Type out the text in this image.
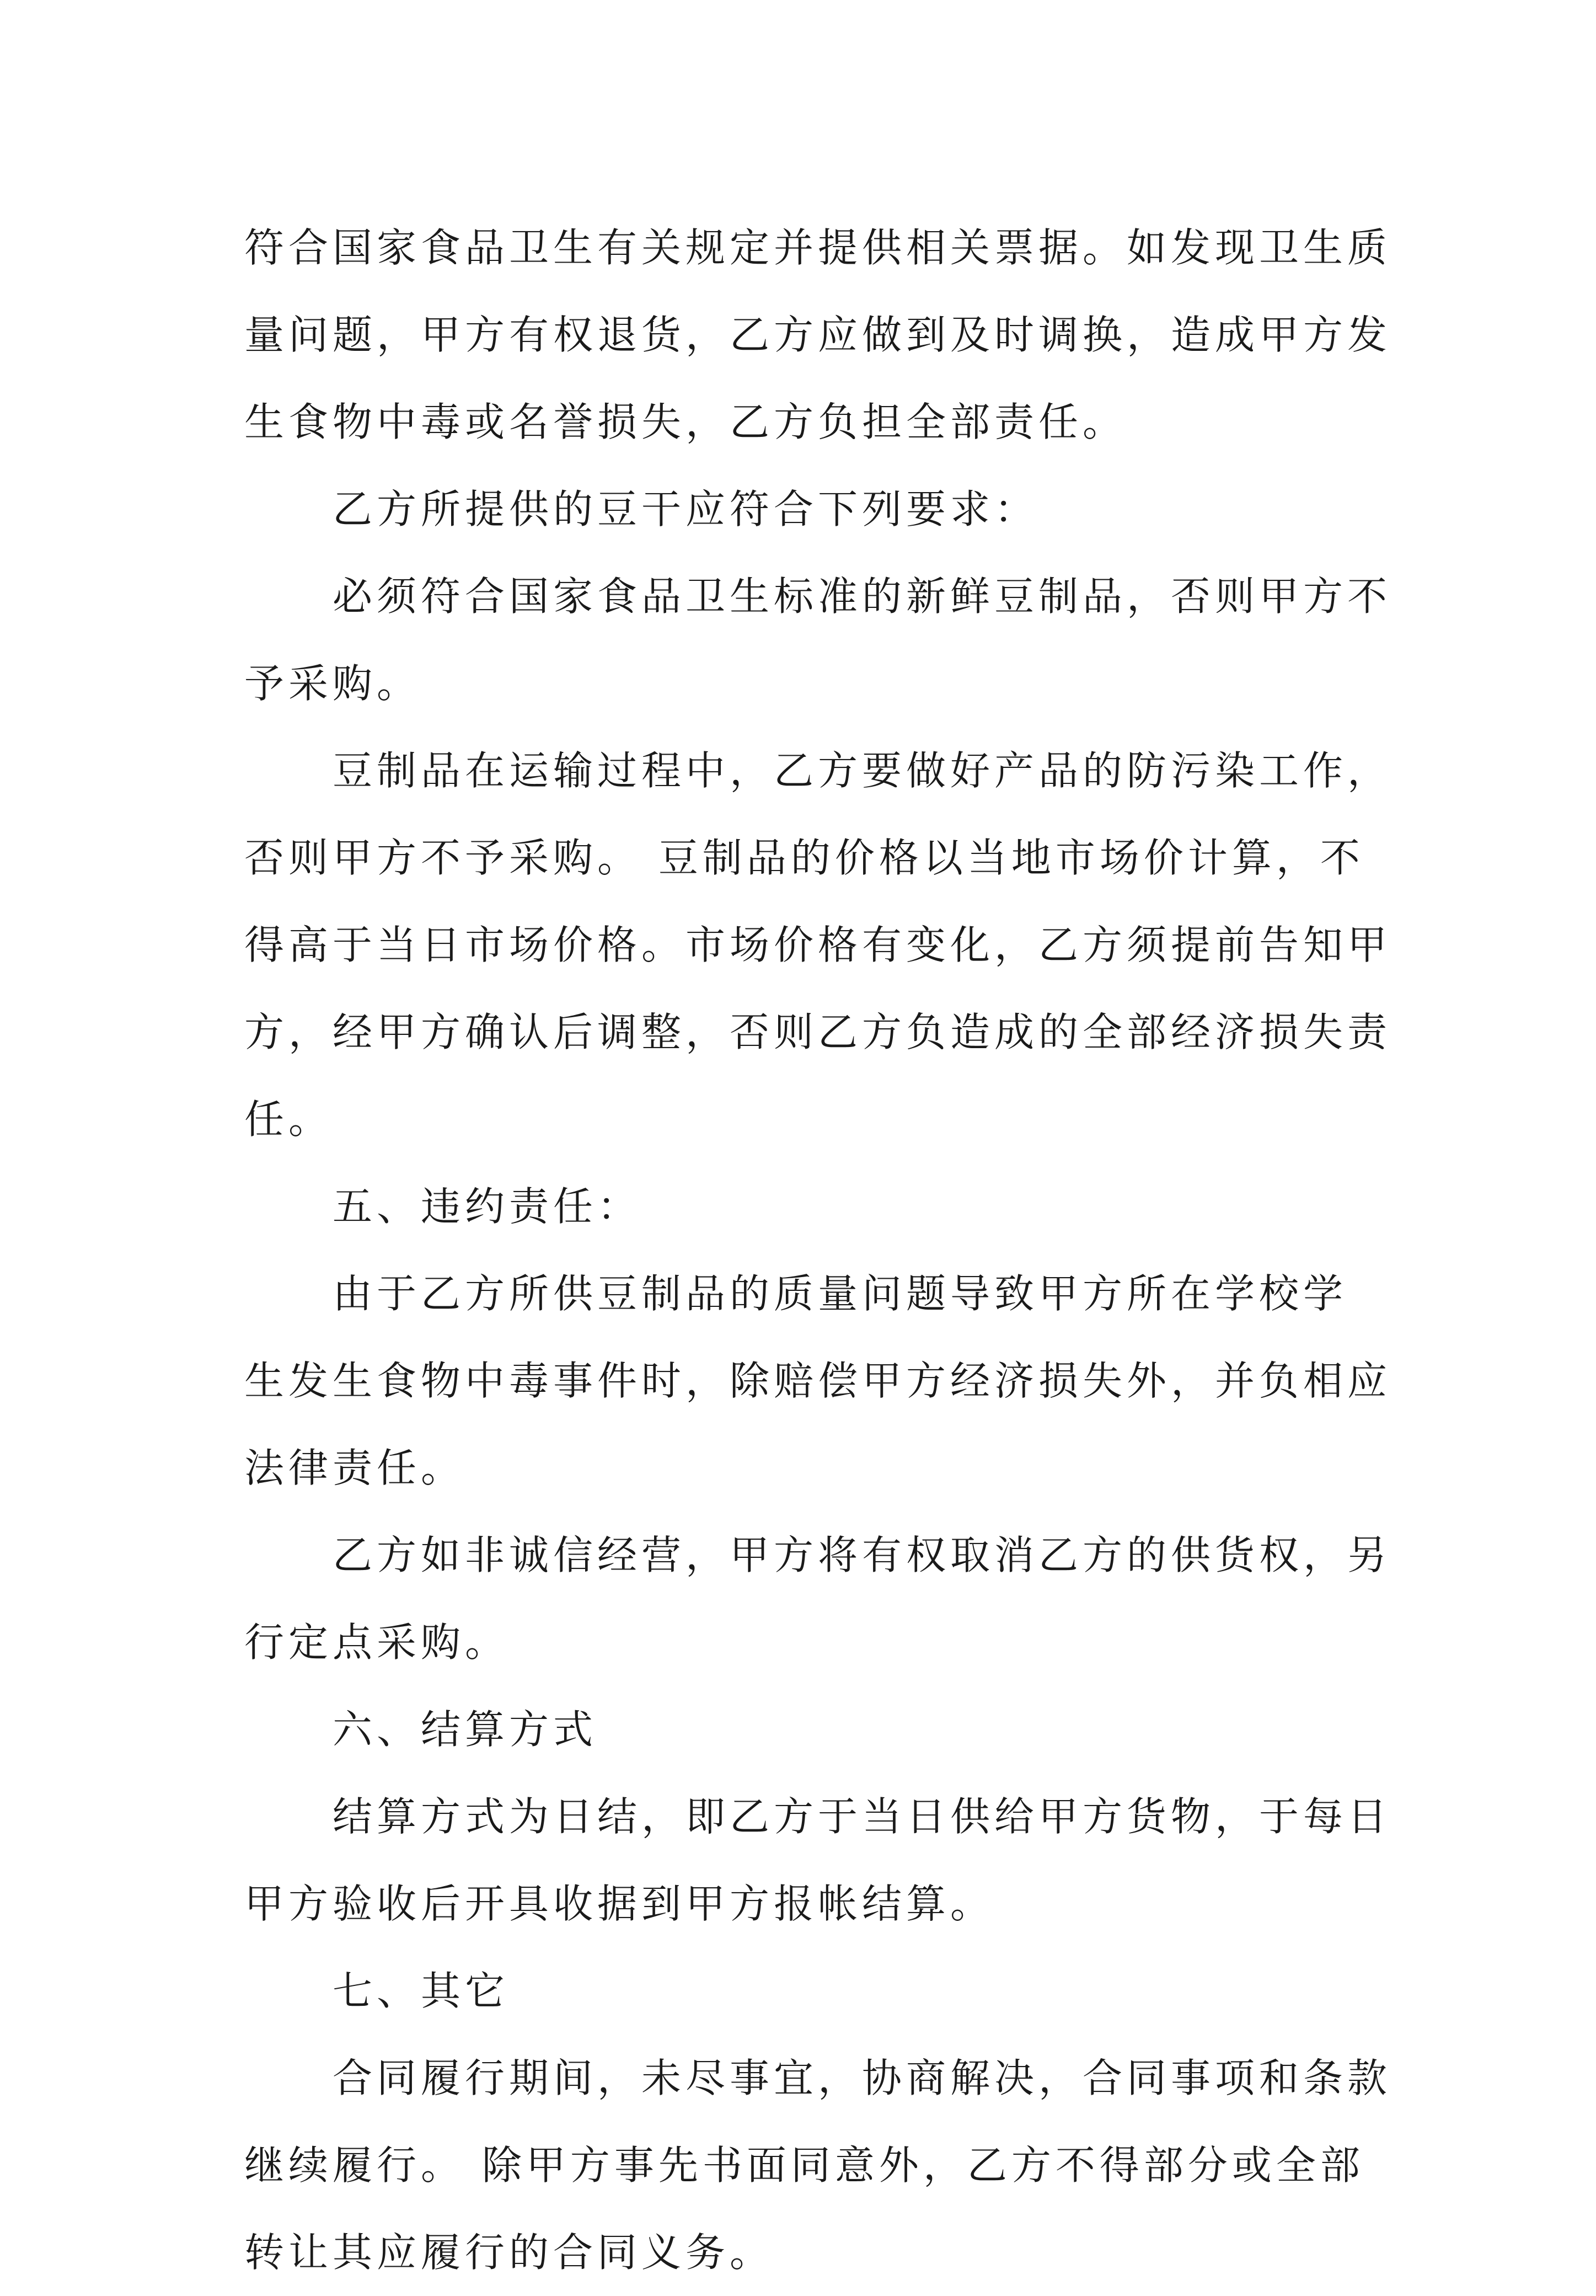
符合国家食品卫生有关规定并提供相关票据。如发现卫生质
量问题，甲方有权退货，乙方应做到及时调换，造成甲方发
生食物中毒或名誉损失，乙方负担全部责任。
乙方所提供的豆干应符合下列要求：
必须符合国家食品卫生标准的新鲜豆制品，否则甲方不
予采购。
豆制品在运输过程中，乙方要做好产品的防污染工作，
否则甲方不予采购。 豆制品的价格以当地市场价计算，不
得高于当日市场价格。市场价格有变化，乙方须提前告知甲
方，经甲方确认后调整，否则乙方负造成的全部经济损失责
任。
五、违约责任：
由于乙方所供豆制品的质量问题导致甲方所在学校学
生发生食物中毒事件时，除赔偿甲方经济损失外，并负相应
法律责任。
乙方如非诚信经营，甲方将有权取消乙方的供货权，另
行定点采购。
六、结算方式
结算方式为日结，即乙方于当日供给甲方货物，于每日
甲方验收后开具收据到甲方报帐结算。
七、其它
合同履行期间，未尽事宜，协商解决，合同事项和条款
继续履行。 除甲方事先书面同意外，乙方不得部分或全部
转让其应履行的合同义务。
